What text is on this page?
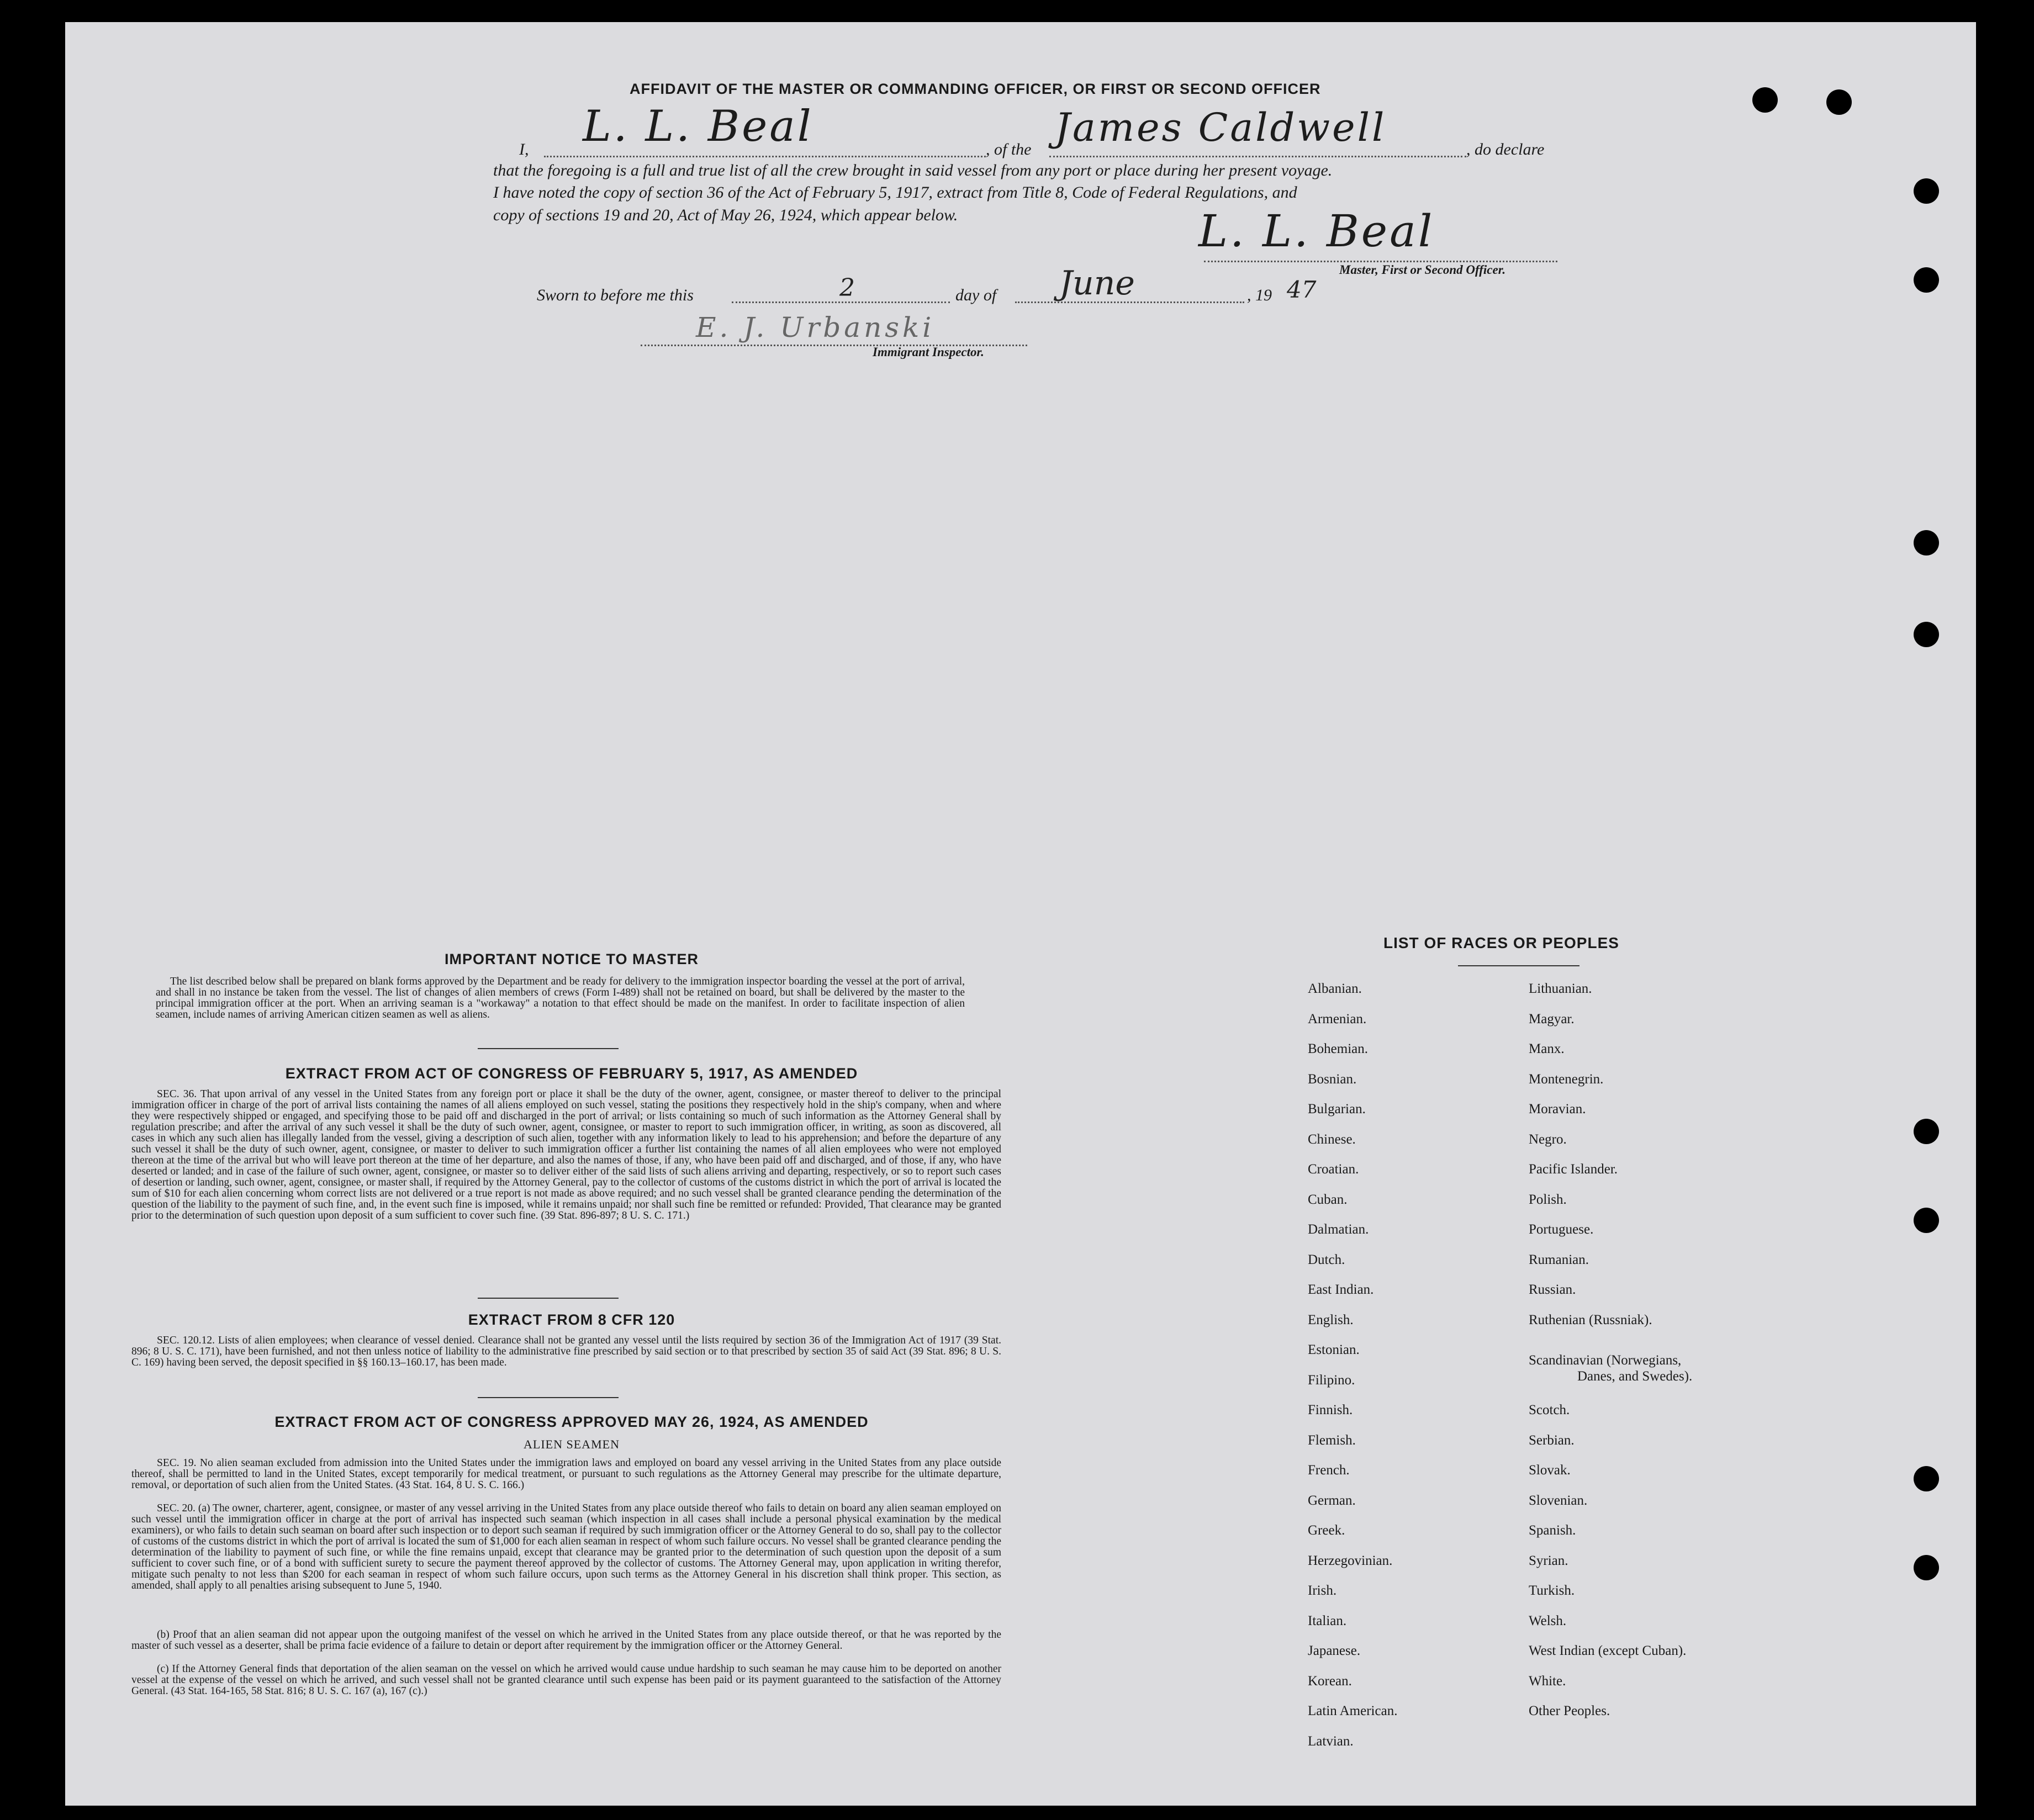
AFFIDAVIT OF THE MASTER OR COMMANDING OFFICER, OR FIRST OR SECOND OFFICER
I, L. L. Beal	, of the James Caldwell	, do declare
that the foregoing is a full and true list of all the crew brought in said vessel from any port or place during her present voyage.
I have noted the copy of section 36 of the Act of February 5, 1917, extract from Title 8, Code of Federal Regulations, and
copy of sections 19 and 20, Act of May 26, 1924, which appear below.	L. L. Beal
Master, First or Second Officer.
Sworn to before me this	2	day of June	, 19 47
E. J. Urbanski
Immigrant Inspector.
IMPORTANT NOTICE TO MASTER
The list described below shall be prepared on blank forms approved by the Department and be ready for delivery to the immigration inspector boarding the vessel at the port of arrival, and shall in no instance be taken from the vessel. The list of changes of alien members of crews (Form I-489) shall not be retained on board, but shall be delivered by the master to the principal immigration officer at the port. When an arriving seaman is a "workaway" a notation to that effect should be made on the manifest. In order to facilitate inspection of alien seamen, include names of arriving American citizen seamen as well as aliens.
EXTRACT FROM ACT OF CONGRESS OF FEBRUARY 5, 1917, AS AMENDED
SEC. 36. That upon arrival of any vessel in the United States from any foreign port or place it shall be the duty of the owner, agent, consignee, or master thereof to deliver to the principal immigration officer in charge of the port of arrival lists containing the names of all aliens employed on such vessel, stating the positions they respectively hold in the ship's company, when and where they were respectively shipped or engaged, and specifying those to be paid off and discharged in the port of arrival; or lists containing so much of such information as the Attorney General shall by regulation prescribe; and after the arrival of any such vessel it shall be the duty of such owner, agent, consignee, or master to report to such immigration officer, in writing, as soon as discovered, all cases in which any such alien has illegally landed from the vessel, giving a description of such alien, together with any information likely to lead to his apprehension; and before the departure of any such vessel it shall be the duty of such owner, agent, consignee, or master to deliver to such immigration officer a further list containing the names of all alien employees who were not employed thereon at the time of the arrival but who will leave port thereon at the time of her departure, and also the names of those, if any, who have been paid off and discharged, and of those, if any, who have deserted or landed; and in case of the failure of such owner, agent, consignee, or master so to deliver either of the said lists of such aliens arriving and departing, respectively, or so to report such cases of desertion or landing, such owner, agent, consignee, or master shall, if required by the Attorney General, pay to the collector of customs of the customs district in which the port of arrival is located the sum of $10 for each alien concerning whom correct lists are not delivered or a true report is not made as above required; and no such vessel shall be granted clearance pending the determination of the question of the liability to the payment of such fine, and, in the event such fine is imposed, while it remains unpaid; nor shall such fine be remitted or refunded: Provided, That clearance may be granted prior to the determination of such question upon deposit of a sum sufficient to cover such fine. (39 Stat. 896-897; 8 U. S. C. 171.)
EXTRACT FROM 8 CFR 120
SEC. 120.12. Lists of alien employees; when clearance of vessel denied. Clearance shall not be granted any vessel until the lists required by section 36 of the Immigration Act of 1917 (39 Stat. 896; 8 U. S. C. 171), have been furnished, and not then unless notice of liability to the administrative fine prescribed by said section or to that prescribed by section 35 of said Act (39 Stat. 896; 8 U. S. C. 169) having been served, the deposit specified in §§ 160.13–160.17, has been made.
EXTRACT FROM ACT OF CONGRESS APPROVED MAY 26, 1924, AS AMENDED
ALIEN SEAMEN
SEC. 19. No alien seaman excluded from admission into the United States under the immigration laws and employed on board any vessel arriving in the United States from any place outside thereof, shall be permitted to land in the United States, except temporarily for medical treatment, or pursuant to such regulations as the Attorney General may prescribe for the ultimate departure, removal, or deportation of such alien from the United States. (43 Stat. 164, 8 U. S. C. 166.)
SEC. 20. (a) The owner, charterer, agent, consignee, or master of any vessel arriving in the United States from any place outside thereof who fails to detain on board any alien seaman employed on such vessel until the immigration officer in charge at the port of arrival has inspected such seaman (which inspection in all cases shall include a personal physical examination by the medical examiners), or who fails to detain such seaman on board after such inspection or to deport such seaman if required by such immigration officer or the Attorney General to do so, shall pay to the collector of customs of the customs district in which the port of arrival is located the sum of $1,000 for each alien seaman in respect of whom such failure occurs. No vessel shall be granted clearance pending the determination of the liability to payment of such fine, or while the fine remains unpaid, except that clearance may be granted prior to the determination of such question upon the deposit of a sum sufficient to cover such fine, or of a bond with sufficient surety to secure the payment thereof approved by the collector of customs. The Attorney General may, upon application in writing therefor, mitigate such penalty to not less than $200 for each seaman in respect of whom such failure occurs, upon such terms as the Attorney General in his discretion shall think proper. This section, as amended, shall apply to all penalties arising subsequent to June 5, 1940.
(b) Proof that an alien seaman did not appear upon the outgoing manifest of the vessel on which he arrived in the United States from any place outside thereof, or that he was reported by the master of such vessel as a deserter, shall be prima facie evidence of a failure to detain or deport after requirement by the immigration officer or the Attorney General.
(c) If the Attorney General finds that deportation of the alien seaman on the vessel on which he arrived would cause undue hardship to such seaman he may cause him to be deported on another vessel at the expense of the vessel on which he arrived, and such vessel shall not be granted clearance until such expense has been paid or its payment guaranteed to the satisfaction of the Attorney General. (43 Stat. 164-165, 58 Stat. 816; 8 U. S. C. 167 (a), 167 (c).)
LIST OF RACES OR PEOPLES
Albanian.
Armenian.
Bohemian.
Bosnian.
Bulgarian.
Chinese.
Croatian.
Cuban.
Dalmatian.
Dutch.
East Indian.
English.
Estonian.
Filipino.
Finnish.
Flemish.
French.
German.
Greek.
Herzegovinian.
Irish.
Italian.
Japanese.
Korean.
Latin American.
Latvian.
Lithuanian.
Magyar.
Manx.
Montenegrin.
Moravian.
Negro.
Pacific Islander.
Polish.
Portuguese.
Rumanian.
Russian.
Ruthenian (Russniak).
Scandinavian (Norwegians,
Danes, and Swedes).
Scotch.
Serbian.
Slovak.
Slovenian.
Spanish.
Syrian.
Turkish.
Welsh.
West Indian (except Cuban).
White.
Other Peoples.
